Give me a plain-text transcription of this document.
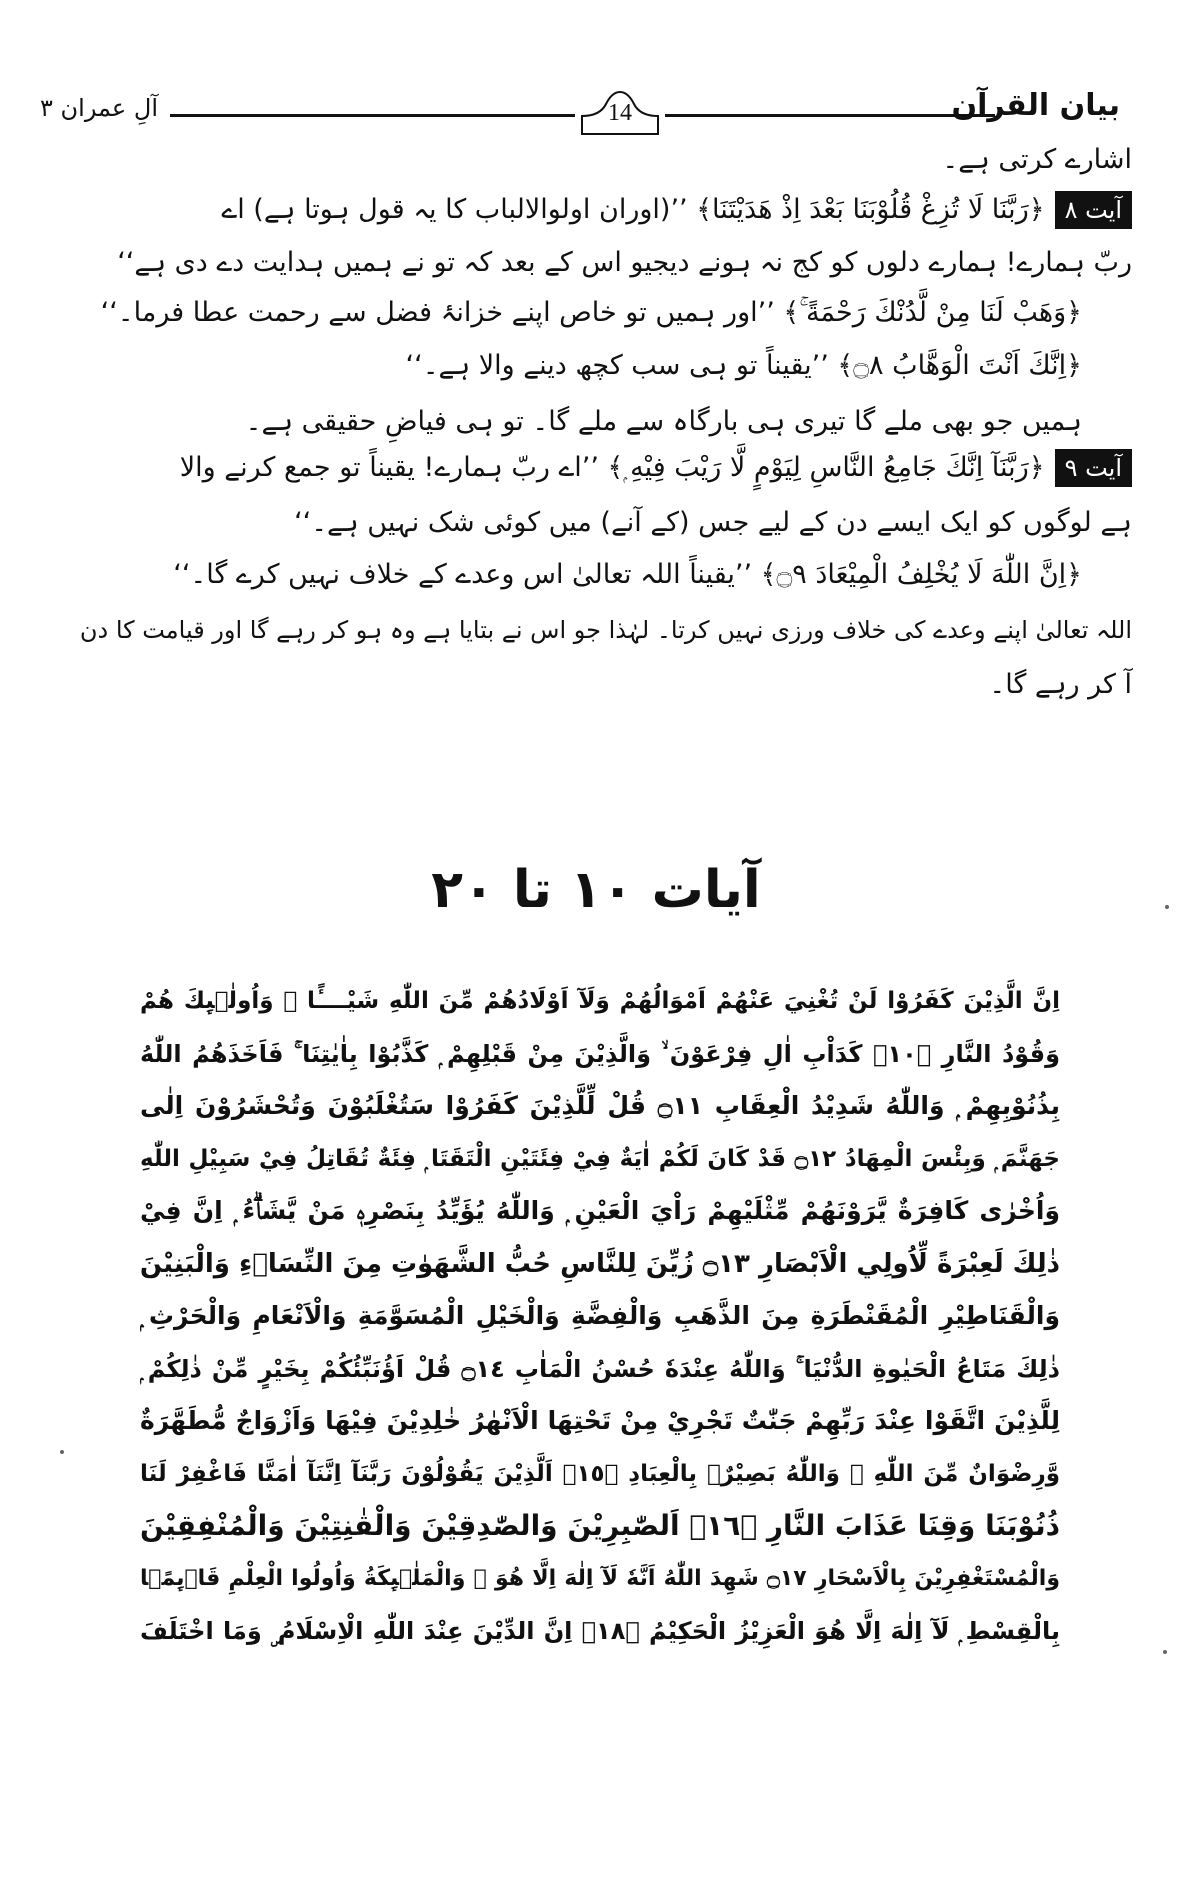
آلِ عمران ۳	14	بیان القرآن
اشارے کرتی ہے۔
آیت ۸﴿رَبَّنَا لَا تُزِغْ قُلُوْبَنَا بَعْدَ اِذْ هَدَيْتَنَا﴾ ’’(اوران اولوالالباب کا یہ قول ہوتا ہے) اے
ربّ ہمارے! ہمارے دلوں کو کج نہ ہونے دیجیو اس کے بعد کہ تو نے ہمیں ہدایت دے دی ہے‘‘
﴿وَهَبْ لَنَا مِنْ لَّدُنْكَ رَحْمَةً ۚ﴾ ’’اور ہمیں تو خاص اپنے خزانۂ فضل سے رحمت عطا فرما۔‘‘
﴿اِنَّكَ اَنْتَ الْوَهَّابُ ۝٨﴾ ’’یقیناً تو ہی سب کچھ دینے والا ہے۔‘‘
ہمیں جو بھی ملے گا تیری ہی بارگاہ سے ملے گا۔ تو ہی فیاضِ حقیقی ہے۔
آیت ۹﴿رَبَّنَآ اِنَّكَ جَامِعُ النَّاسِ لِيَوْمٍ لَّا رَيْبَ فِيْهِ ۭ﴾ ’’اے ربّ ہمارے! یقیناً تو جمع کرنے والا
ہے لوگوں کو ایک ایسے دن کے لیے جس (کے آنے) میں کوئی شک نہیں ہے۔‘‘
﴿اِنَّ اللّٰهَ لَا يُخْلِفُ الْمِيْعَادَ ۝٩﴾ ’’یقیناً اللہ تعالیٰ اس وعدے کے خلاف نہیں کرے گا۔‘‘
اللہ تعالیٰ اپنے وعدے کی خلاف ورزی نہیں کرتا۔ لہٰذا جو اس نے بتایا ہے وہ ہو کر رہے گا اور قیامت کا دن
آ کر رہے گا۔
آیات ۱۰ تا ۲۰
اِنَّ الَّذِيْنَ كَفَرُوْا لَنْ تُغْنِيَ عَنْهُمْ اَمْوَالُهُمْ وَلَآ اَوْلَادُهُمْ مِّنَ اللّٰهِ شَيْــــًٔا ۭ وَاُولٰۗىِٕكَ ھُمْ
وَقُوْدُ النَّارِ ۝١٠ۙ كَدَاْبِ اٰلِ فِرْعَوْنَ ۙ وَالَّذِيْنَ مِنْ قَبْلِهِمْ ۭ كَذَّبُوْا بِاٰيٰتِنَا ۚ فَاَخَذَھُمُ اللّٰهُ
بِذُنُوْبِهِمْ ۭ وَاللّٰهُ شَدِيْدُ الْعِقَابِ ۝١١ قُلْ لِّلَّذِيْنَ كَفَرُوْا سَتُغْلَبُوْنَ وَتُحْشَرُوْنَ اِلٰى
جَهَنَّمَ ۭ وَبِئْسَ الْمِهَادُ ۝١٢ قَدْ كَانَ لَكُمْ اٰيَةٌ فِيْ فِئَتَيْنِ الْتَقَتَا ۭ فِئَةٌ تُقَاتِلُ فِيْ سَبِيْلِ اللّٰهِ
وَاُخْرٰى كَافِرَةٌ يَّرَوْنَهُمْ مِّثْلَيْهِمْ رَاْيَ الْعَيْنِ ۭ وَاللّٰهُ يُؤَيِّدُ بِنَصْرِهٖ مَنْ يَّشَاۗءُ ۭ اِنَّ فِيْ
ذٰلِكَ لَعِبْرَةً لِّاُولِي الْاَبْصَارِ ۝١٣ زُيِّنَ لِلنَّاسِ حُبُّ الشَّهَوٰتِ مِنَ النِّسَاۗءِ وَالْبَنِيْنَ
وَالْقَنَاطِيْرِ الْمُقَنْطَرَةِ مِنَ الذَّهَبِ وَالْفِضَّةِ وَالْخَيْلِ الْمُسَوَّمَةِ وَالْاَنْعَامِ وَالْحَرْثِ ۭ
ذٰلِكَ مَتَاعُ الْحَيٰوةِ الدُّنْيَا ۚ وَاللّٰهُ عِنْدَهٗ حُسْنُ الْمَاٰبِ ۝١٤ قُلْ اَؤُنَبِّئُكُمْ بِخَيْرٍ مِّنْ ذٰلِكُمْ ۭ
لِلَّذِيْنَ اتَّقَوْا عِنْدَ رَبِّهِمْ جَنّٰتٌ تَجْرِيْ مِنْ تَحْتِهَا الْاَنْهٰرُ خٰلِدِيْنَ فِيْهَا وَاَزْوَاجٌ مُّطَهَّرَةٌ
وَّرِضْوَانٌ مِّنَ اللّٰهِ ۭ وَاللّٰهُ بَصِيْرٌۢ بِالْعِبَادِ ۝١٥ۚ اَلَّذِيْنَ يَقُوْلُوْنَ رَبَّنَآ اِنَّنَآ اٰمَنَّا فَاغْفِرْ لَنَا
ذُنُوْبَنَا وَقِنَا عَذَابَ النَّارِ ۝١٦ۚ اَلصّٰبِرِيْنَ وَالصّٰدِقِيْنَ وَالْقٰنِتِيْنَ وَالْمُنْفِقِيْنَ
وَالْمُسْتَغْفِرِيْنَ بِالْاَسْحَارِ ۝١٧ شَهِدَ اللّٰهُ اَنَّهٗ لَآ اِلٰهَ اِلَّا ھُوَ ۙ وَالْمَلٰۗىِٕكَةُ وَاُولُوا الْعِلْمِ قَاۗىِٕمًۢا
بِالْقِسْطِ ۭ لَآ اِلٰهَ اِلَّا ھُوَ الْعَزِيْزُ الْحَكِيْمُ ۝١٨ۭ اِنَّ الدِّيْنَ عِنْدَ اللّٰهِ الْاِسْلَامُ ۣ وَمَا اخْتَلَفَ
